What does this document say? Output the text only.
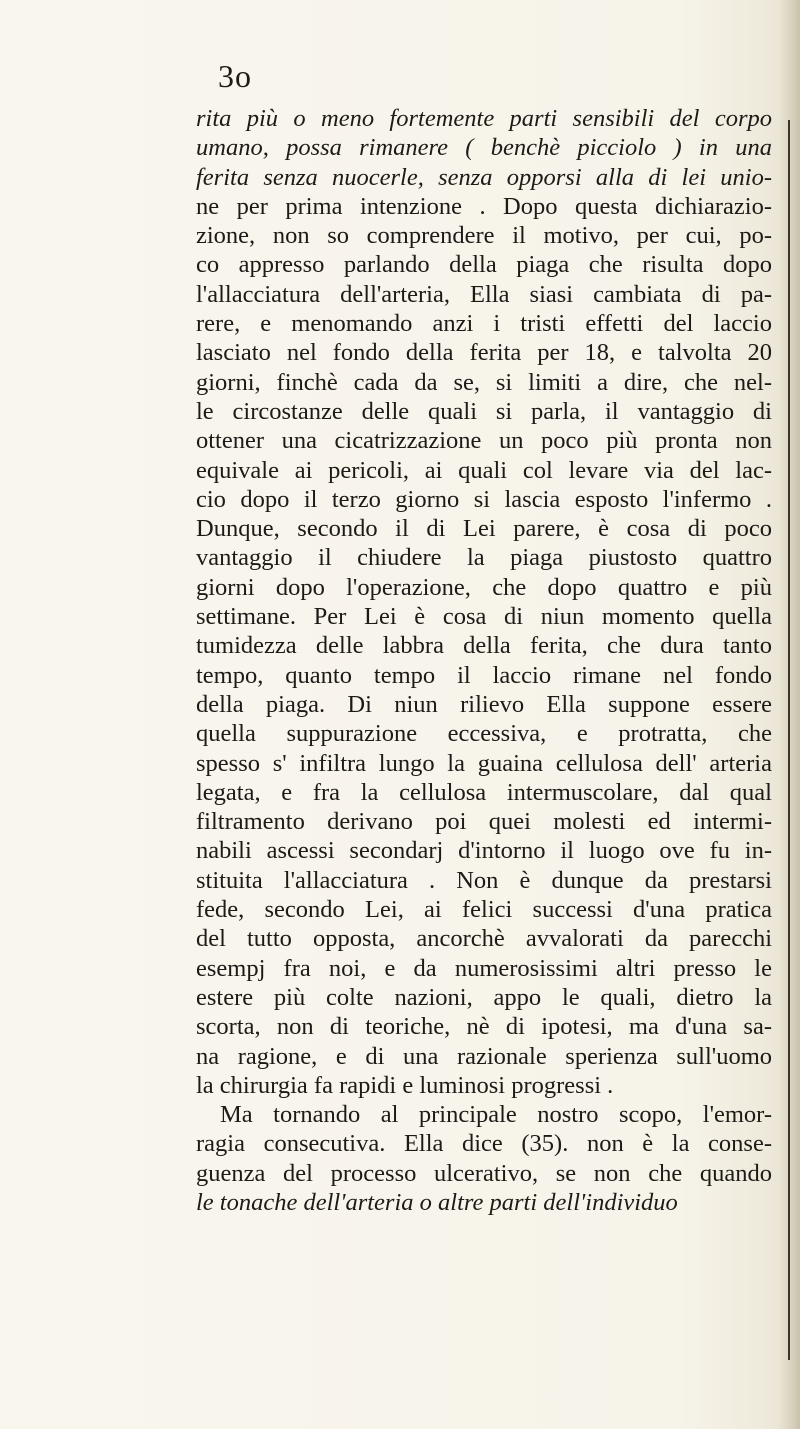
3o
rita più o meno fortemente parti sensibili del corpo
umano, possa rimanere ( benchè picciolo ) in una
ferita senza nuocerle, senza opporsi alla di lei unio-
ne per prima intenzione . Dopo questa dichiarazio-
zione, non so comprendere il motivo, per cui, po-
co appresso parlando della piaga che risulta dopo
l'allacciatura dell'arteria, Ella siasi cambiata di pa-
rere, e menomando anzi i tristi effetti del laccio
lasciato nel fondo della ferita per 18, e talvolta 20
giorni, finchè cada da se, si limiti a dire, che nel-
le circostanze delle quali si parla, il vantaggio di
ottener una cicatrizzazione un poco più pronta non
equivale ai pericoli, ai quali col levare via del lac-
cio dopo il terzo giorno si lascia esposto l'infermo .
Dunque, secondo il di Lei parere, è cosa di poco
vantaggio il chiudere la piaga piustosto quattro
giorni dopo l'operazione, che dopo quattro e più
settimane. Per Lei è cosa di niun momento quella
tumidezza delle labbra della ferita, che dura tanto
tempo, quanto tempo il laccio rimane nel fondo
della piaga. Di niun rilievo Ella suppone essere
quella suppurazione eccessiva, e protratta, che
spesso s' infiltra lungo la guaina cellulosa dell' arteria
legata, e fra la cellulosa intermuscolare, dal qual
filtramento derivano poi quei molesti ed intermi-
nabili ascessi secondarj d'intorno il luogo ove fu in-
stituita l'allacciatura . Non è dunque da prestarsi
fede, secondo Lei, ai felici successi d'una pratica
del tutto opposta, ancorchè avvalorati da parecchi
esempj fra noi, e da numerosissimi altri presso le
estere più colte nazioni, appo le quali, dietro la
scorta, non di teoriche, nè di ipotesi, ma d'una sa-
na ragione, e di una razionale sperienza sull'uomo
la chirurgia fa rapidi e luminosi progressi .
Ma tornando al principale nostro scopo, l'emor-
ragia consecutiva. Ella dice (35). non è la conse-
guenza del processo ulcerativo, se non che quando
le tonache dell'arteria o altre parti dell'individuo
